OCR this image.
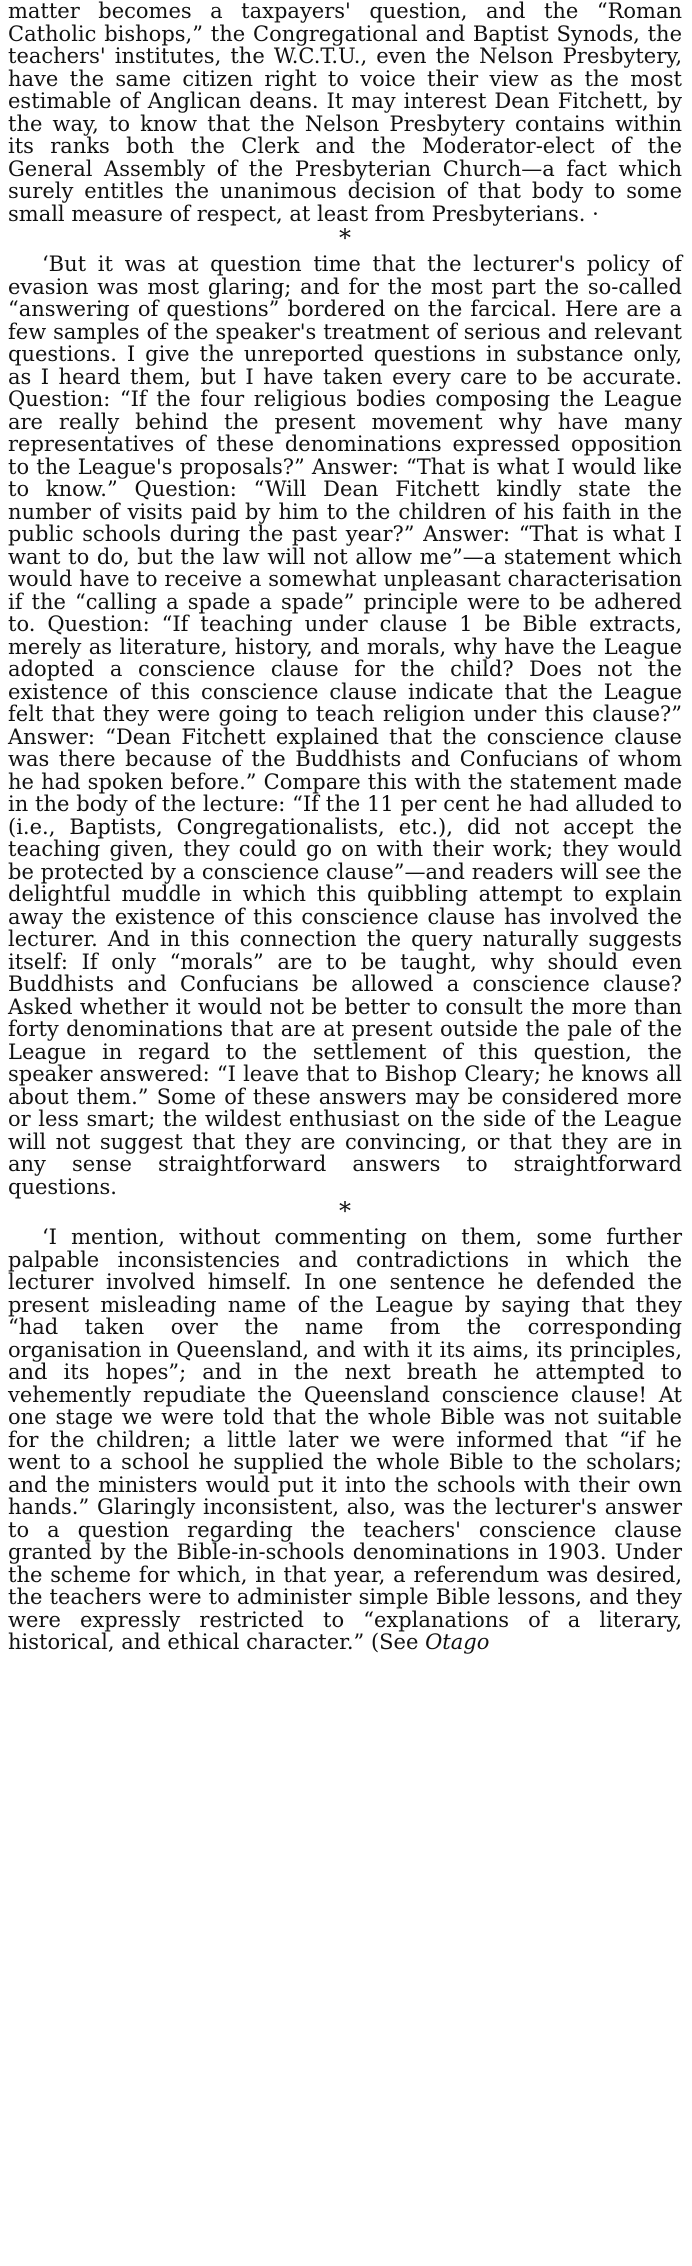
matter becomes a taxpayers' question, and the “Roman Catholic bishops,” the Congregational and Baptist Synods, the teachers' institutes, the W.C.T.U., even the Nelson Presbytery, have the same citizen right to voice their view as the most estimable of Anglican deans. It may interest Dean Fitchett, by the way, to know that the Nelson Presbytery contains within its ranks both the Clerk and the Moderator-elect of the General Assembly of the Presbyterian Church—a fact which surely entitles the unanimous decision of that body to some small measure of respect, at least from Presbyterians. ·

*

‘But it was at question time that the lecturer's policy of evasion was most glaring; and for the most part the so-called “answering of questions” bordered on the farcical. Here are a few samples of the speaker's treatment of serious and relevant questions. I give the unreported questions in substance only, as I heard them, but I have taken every care to be accurate. Question: “If the four religious bodies composing the League are really behind the present movement why have many representatives of these denominations expressed opposition to the League's proposals?” Answer: “That is what I would like to know.” Question: “Will Dean Fitchett kindly state the number of visits paid by him to the children of his faith in the public schools during the past year?” Answer: “That is what I want to do, but the law will not allow me”—a statement which would have to receive a somewhat unpleasant characterisation if the “calling a spade a spade” principle were to be adhered to. Question: “If teaching under clause 1 be Bible extracts, merely as literature, history, and morals, why have the League adopted a conscience clause for the child? Does not the existence of this conscience clause indicate that the League felt that they were going to teach religion under this clause?” Answer: “Dean Fitchett explained that the conscience clause was there because of the Buddhists and Confucians of whom he had spoken before.” Compare this with the statement made in the body of the lecture: “If the 11 per cent he had alluded to (i.e., Baptists, Congregationalists, etc.), did not accept the teaching given, they could go on with their work; they would be protected by a conscience clause”—and readers will see the delightful muddle in which this quibbling attempt to explain away the existence of this conscience clause has involved the lecturer. And in this connection the query naturally suggests itself: If only “morals” are to be taught, why should even Buddhists and Confucians be allowed a conscience clause? Asked whether it would not be better to consult the more than forty denominations that are at present outside the pale of the League in regard to the settlement of this question, the speaker answered: “I leave that to Bishop Cleary; he knows all about them.” Some of these answers may be considered more or less smart; the wildest enthusiast on the side of the League will not suggest that they are convincing, or that they are in any sense straightforward answers to straightforward questions.

*

‘I mention, without commenting on them, some further palpable inconsistencies and contradictions in which the lecturer involved himself. In one sentence he defended the present misleading name of the League by saying that they “had taken over the name from the corresponding organisation in Queensland, and with it its aims, its principles, and its hopes”; and in the next breath he attempted to vehemently repudiate the Queensland conscience clause! At one stage we were told that the whole Bible was not suitable for the children; a little later we were informed that “if he went to a school he supplied the whole Bible to the scholars; and the ministers would put it into the schools with their own hands.” Glaringly inconsistent, also, was the lecturer's answer to a question regarding the teachers' conscience clause granted by the Bible-in-schools denominations in 1903. Under the scheme for which, in that year, a referendum was desired, the teachers were to administer simple Bible lessons, and they were expressly restricted to “explanations of a literary, historical, and ethical character.” (See Otago
